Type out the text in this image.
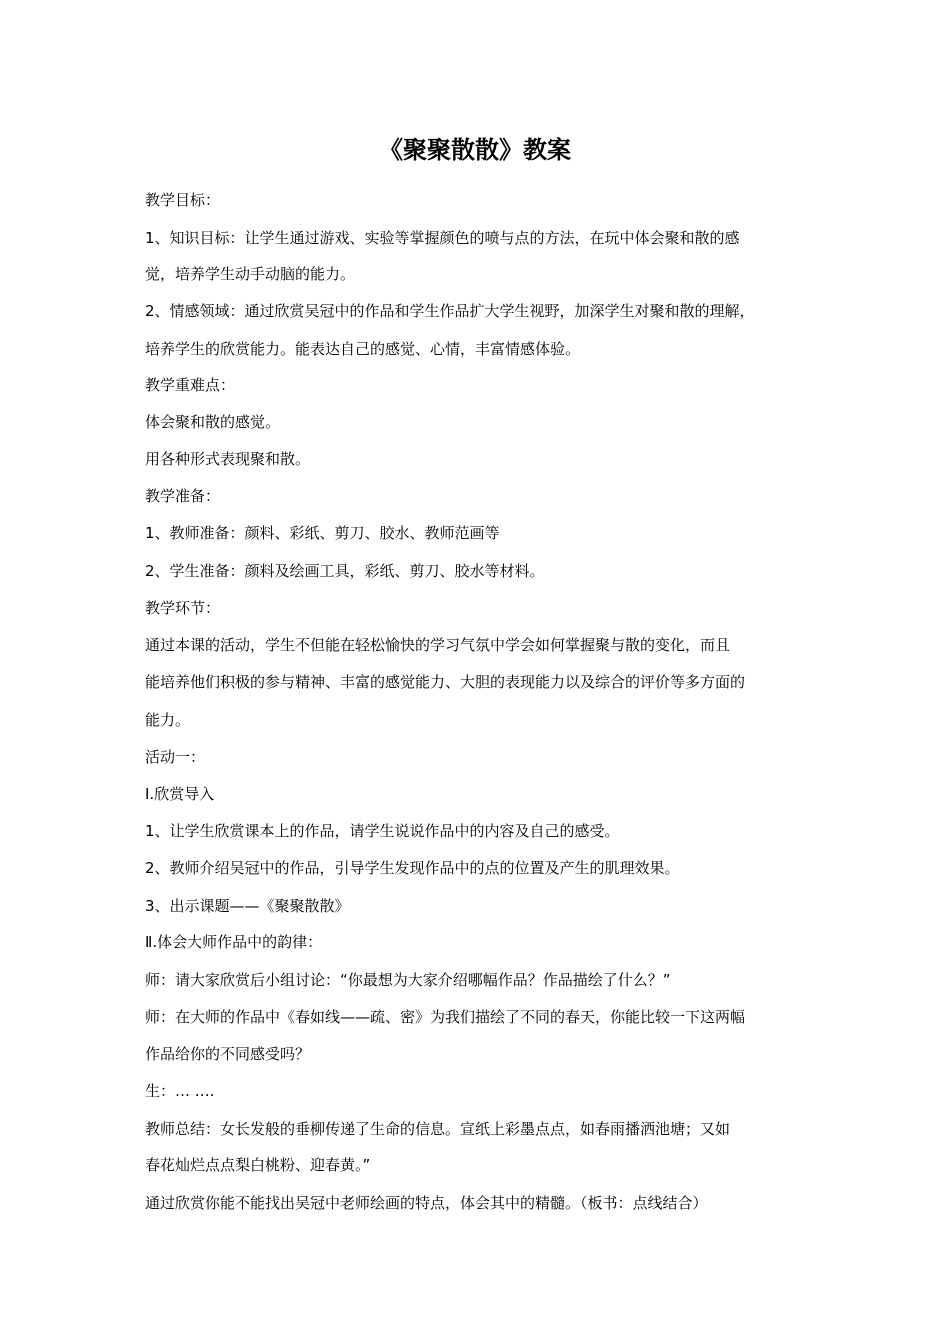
《聚聚散散》教案

教学目标：

1、知识目标：让学生通过游戏、实验等掌握颜色的喷与点的方法，在玩中体会聚和散的感

觉，培养学生动手动脑的能力。

2、情感领域：通过欣赏吴冠中的作品和学生作品扩大学生视野，加深学生对聚和散的理解，

培养学生的欣赏能力。能表达自己的感觉、心情，丰富情感体验。

教学重难点：

体会聚和散的感觉。

用各种形式表现聚和散。

教学准备：

1、教师准备：颜料、彩纸、剪刀、胶水、教师范画等

2、学生准备：颜料及绘画工具，彩纸、剪刀、胶水等材料。

教学环节：

通过本课的活动，学生不但能在轻松愉快的学习气氛中学会如何掌握聚与散的变化，而且

能培养他们积极的参与精神、丰富的感觉能力、大胆的表现能力以及综合的评价等多方面的

能力。

活动一：

Ⅰ.欣赏导入

1、让学生欣赏课本上的作品，请学生说说作品中的内容及自己的感受。

2、教师介绍吴冠中的作品，引导学生发现作品中的点的位置及产生的肌理效果。

3、出示课题——《聚聚散散》

Ⅱ.体会大师作品中的韵律：

师：请大家欣赏后小组讨论：“你最想为大家介绍哪幅作品？作品描绘了什么？”

师：在大师的作品中《春如线——疏、密》为我们描绘了不同的春天，你能比较一下这两幅

作品给你的不同感受吗？

生：… ….

教师总结：女长发般的垂柳传递了生命的信息。宣纸上彩墨点点，如春雨播洒池塘；又如

春花灿烂点点梨白桃粉、迎春黄。”

通过欣赏你能不能找出吴冠中老师绘画的特点，体会其中的精髓。（板书：点线结合）
